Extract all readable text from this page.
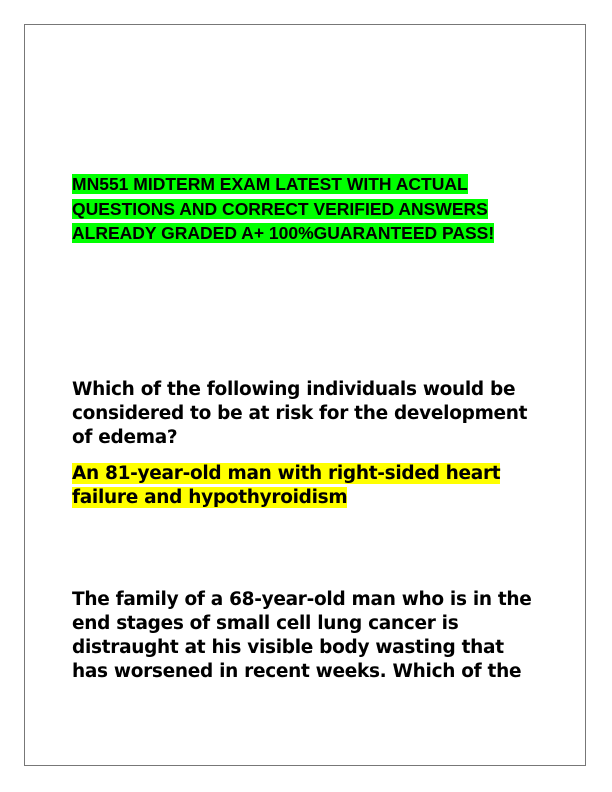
MN551 MIDTERM EXAM LATEST WITH ACTUAL QUESTIONS AND CORRECT VERIFIED ANSWERS ALREADY GRADED A+ 100%GUARANTEED PASS!

Which of the following individuals would be considered to be at risk for the development of edema?

An 81-year-old man with right-sided heart failure and hypothyroidism

The family of a 68-year-old man who is in the end stages of small cell lung cancer is distraught at his visible body wasting that has worsened in recent weeks. Which of the
